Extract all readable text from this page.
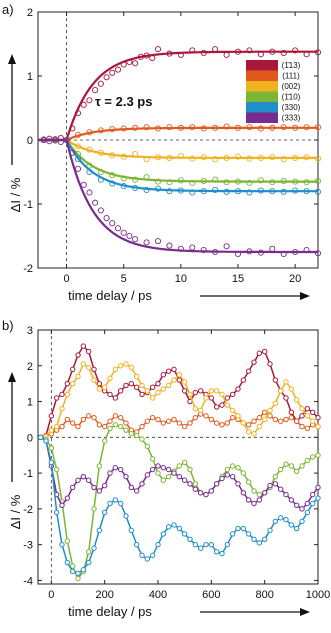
a)
0	5	10	15	20
-2
-1
0
1
2
time delay / ps
ΔI / %
(1̄13)
(111)
(002)
(1̄10)
(330)
(333)
τ = 2.3 ps
b)
0	200	400	600	800	1000
-4
-3
-2
-1
0
1
2
3
time delay / ps
ΔI / %
